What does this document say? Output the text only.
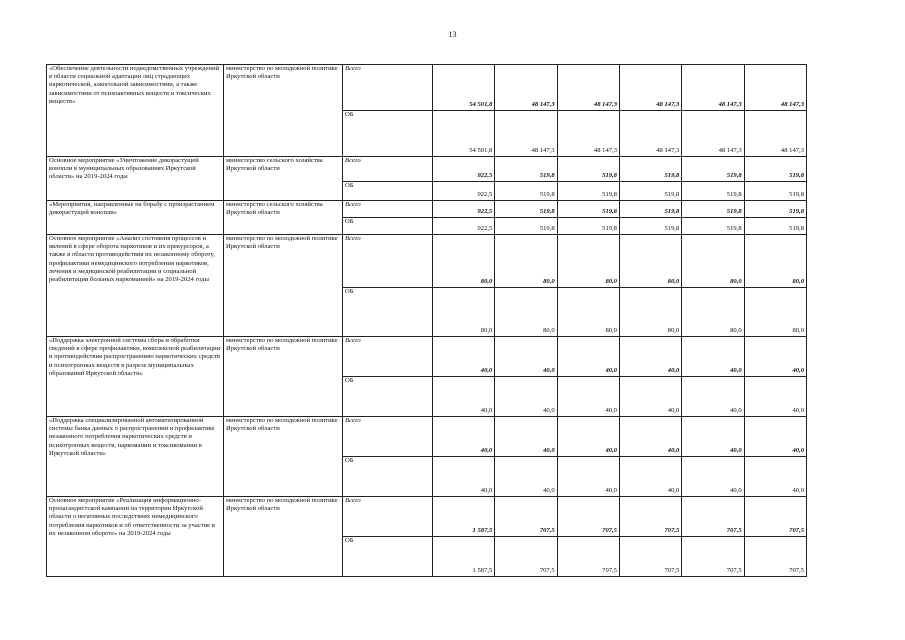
13
«Обеспечение деятельности подведомственных учреждений в области социальной адаптации лиц страдающих наркотической, алкогольной зависимостями, а также зависимостями от психоактивных веществ и токсических веществ»	министерство по молодежной политике Иркутской области	Всего	54 501,8	48 147,3	48 147,3	48 147,3	48 147,3	48 147,3
		ОБ	54 501,8	48 147,3	48 147,3	48 147,3	48 147,3	48 147,3
Основное мероприятие «Уничтожение дикорастущей конопли в муниципальных образованиях Иркутской области» на 2019-2024 годы	министерство сельского хозяйства Иркутской области	Всего	922,5	519,8	519,8	519,8	519,8	519,8
		ОБ	922,5	519,8	519,8	519,8	519,8	519,8
«Мероприятия, направленные на борьбу с произрастанием дикорастущей конопли»	министерство сельского хозяйства Иркутской области	Всего	922,5	519,8	519,8	519,8	519,8	519,8
		ОБ	922,5	519,8	519,8	519,8	519,8	519,8
Основное мероприятие «Анализ состояния процессов и явлений в сфере оборота наркотиков и их прекурсоров, а также в области противодействия их незаконному обороту, профилактики немедицинского потребления наркотиков, лечения и медицинской реабилитации и социальной реабилитации больных наркоманией» на 2019-2024 годы	министерство по молодежной политике Иркутской области	Всего	80,0	80,0	80,0	80,0	80,0	80,0
		ОБ	80,0	80,0	80,0	80,0	80,0	80,0
«Поддержка электронной системы сбора и обработки сведений в сфере профилактики, комплексной реабилитации и противодействия распространению наркотических средств и психотропных веществ в разрезе муниципальных образований Иркутской области»	министерство по молодежной политике Иркутской области	Всего	40,0	40,0	40,0	40,0	40,0	40,0
		ОБ	40,0	40,0	40,0	40,0	40,0	40,0
«Поддержка специализированной автоматизированной системы банка данных о распространении и профилактике незаконного потребления наркотических средств и психотропных веществ, наркомании и токсикомании в Иркутской области»	министерство по молодежной политике Иркутской области	Всего	40,0	40,0	40,0	40,0	40,0	40,0
		ОБ	40,0	40,0	40,0	40,0	40,0	40,0
Основное мероприятие «Реализация информационно-пропагандистской кампании на территории Иркутской области о негативных последствиях немедицинского потребления наркотиков и об ответственности за участие в их незаконном обороте» на 2019-2024 годы	министерство по молодежной политике Иркутской области	Всего	1 587,5	707,5	707,5	707,5	707,5	707,5
		ОБ	1 587,5	707,5	707,5	707,5	707,5	707,5
